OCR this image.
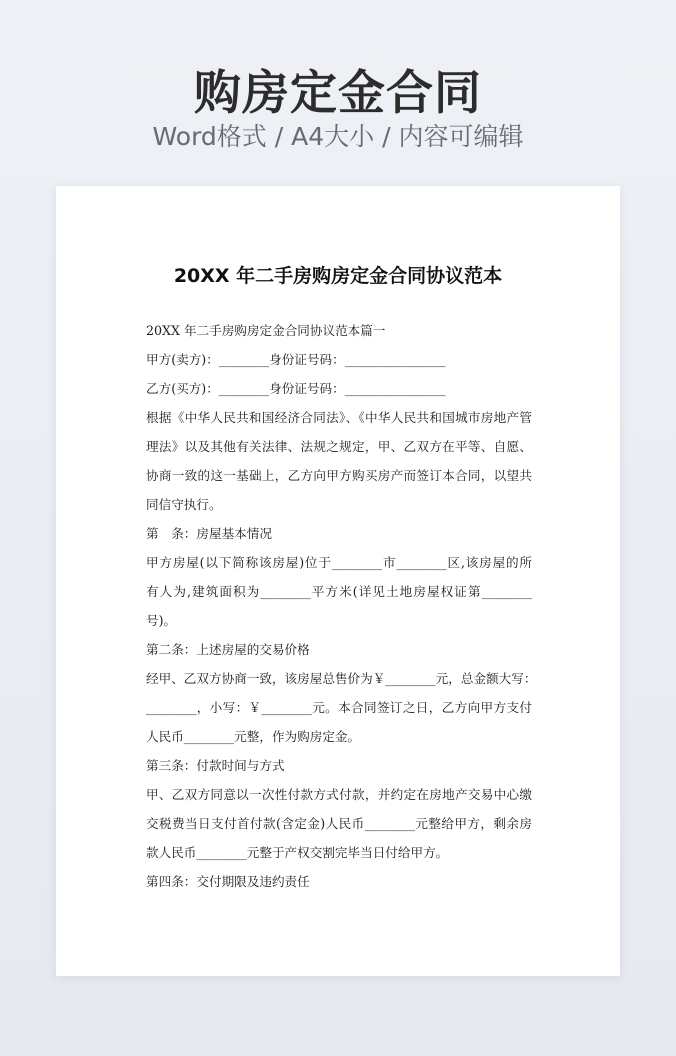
购房定金合同
Word格式 / A4大小 / 内容可编辑
20XX 年二手房购房定金合同协议范本
20XX 年二手房购房定金合同协议范本篇一
甲方(卖方)：________身份证号码：________________
乙方(买方)：________身份证号码：________________
根据《中华人民共和国经济合同法》、《中华人民共和国城市房地产管
理法》以及其他有关法律、法规之规定，甲、乙双方在平等、自愿、
协商一致的这一基础上，乙方向甲方购买房产而签订本合同，以望共
同信守执行。
第　条：房屋基本情况
甲方房屋(以下简称该房屋)位于________市________区,该房屋的所
有人为,建筑面积为________平方米(详见土地房屋权证第________
号)。
第二条：上述房屋的交易价格
经甲、乙双方协商一致，该房屋总售价为￥________元，总金额大写：
________，小写：￥________元。本合同签订之日，乙方向甲方支付
人民币________元整，作为购房定金。
第三条：付款时间与方式
甲、乙双方同意以一次性付款方式付款，并约定在房地产交易中心缴
交税费当日支付首付款(含定金)人民币________元整给甲方，剩余房
款人民币________元整于产权交割完毕当日付给甲方。
第四条：交付期限及违约责任
